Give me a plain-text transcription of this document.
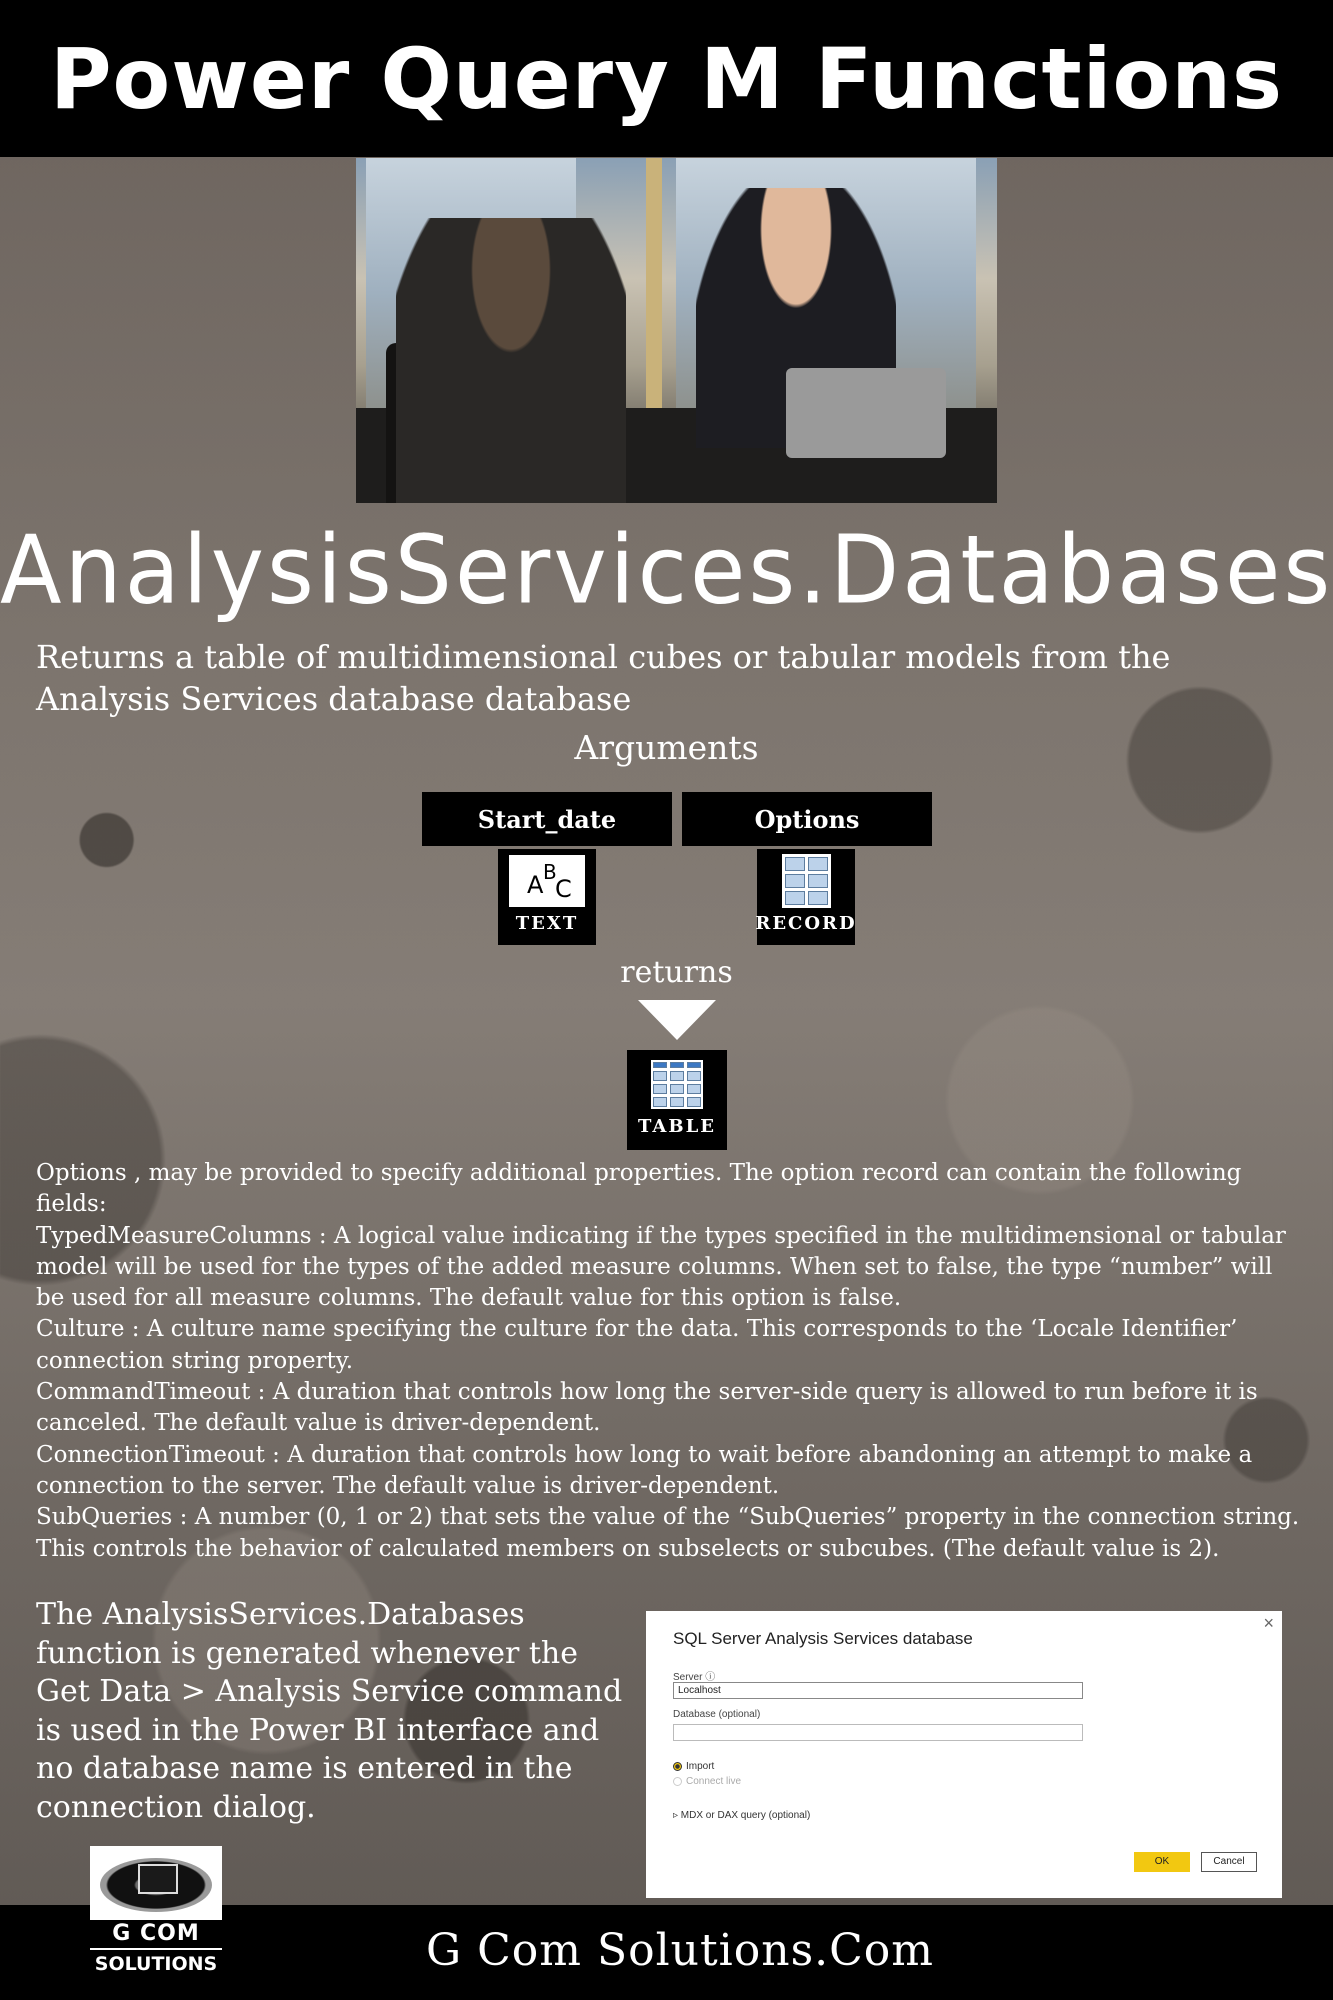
Power Query M Functions
AnalysisServices.Databases
Returns a table of multidimensional cubes or tabular models from the Analysis Services database database
Arguments
Start_date	Options
A B
C
TEXT	RECORD
returns
TABLE

Options , may be provided to specify additional properties. The option record can contain the following fields:

TypedMeasureColumns : A logical value indicating if the types specified in the multidimensional or tabular model will be used for the types of the added measure columns. When set to false, the type “number” will be used for all measure columns. The default value for this option is false.

Culture : A culture name specifying the culture for the data. This corresponds to the ‘Locale Identifier’ connection string property.

CommandTimeout : A duration that controls how long the server-side query is allowed to run before it is canceled. The default value is driver-dependent.

ConnectionTimeout : A duration that controls how long to wait before abandoning an attempt to make a connection to the server. The default value is driver-dependent.

SubQueries : A number (0, 1 or 2) that sets the value of the “SubQueries” property in the connection string. This controls the behavior of calculated members on subselects or subcubes. (The default value is 2).

The AnalysisServices.Databases function is generated whenever the Get Data > Analysis Service command is used in the Power BI interface and no database name is entered in the connection dialog.
SQL Server Analysis Services database
×
Server ⓘ
Localhost
Database (optional)
Import
Connect live
▹ MDX or DAX query (optional)
OK	Cancel
G Com Solutions.Com
G COM
SOLUTIONS
